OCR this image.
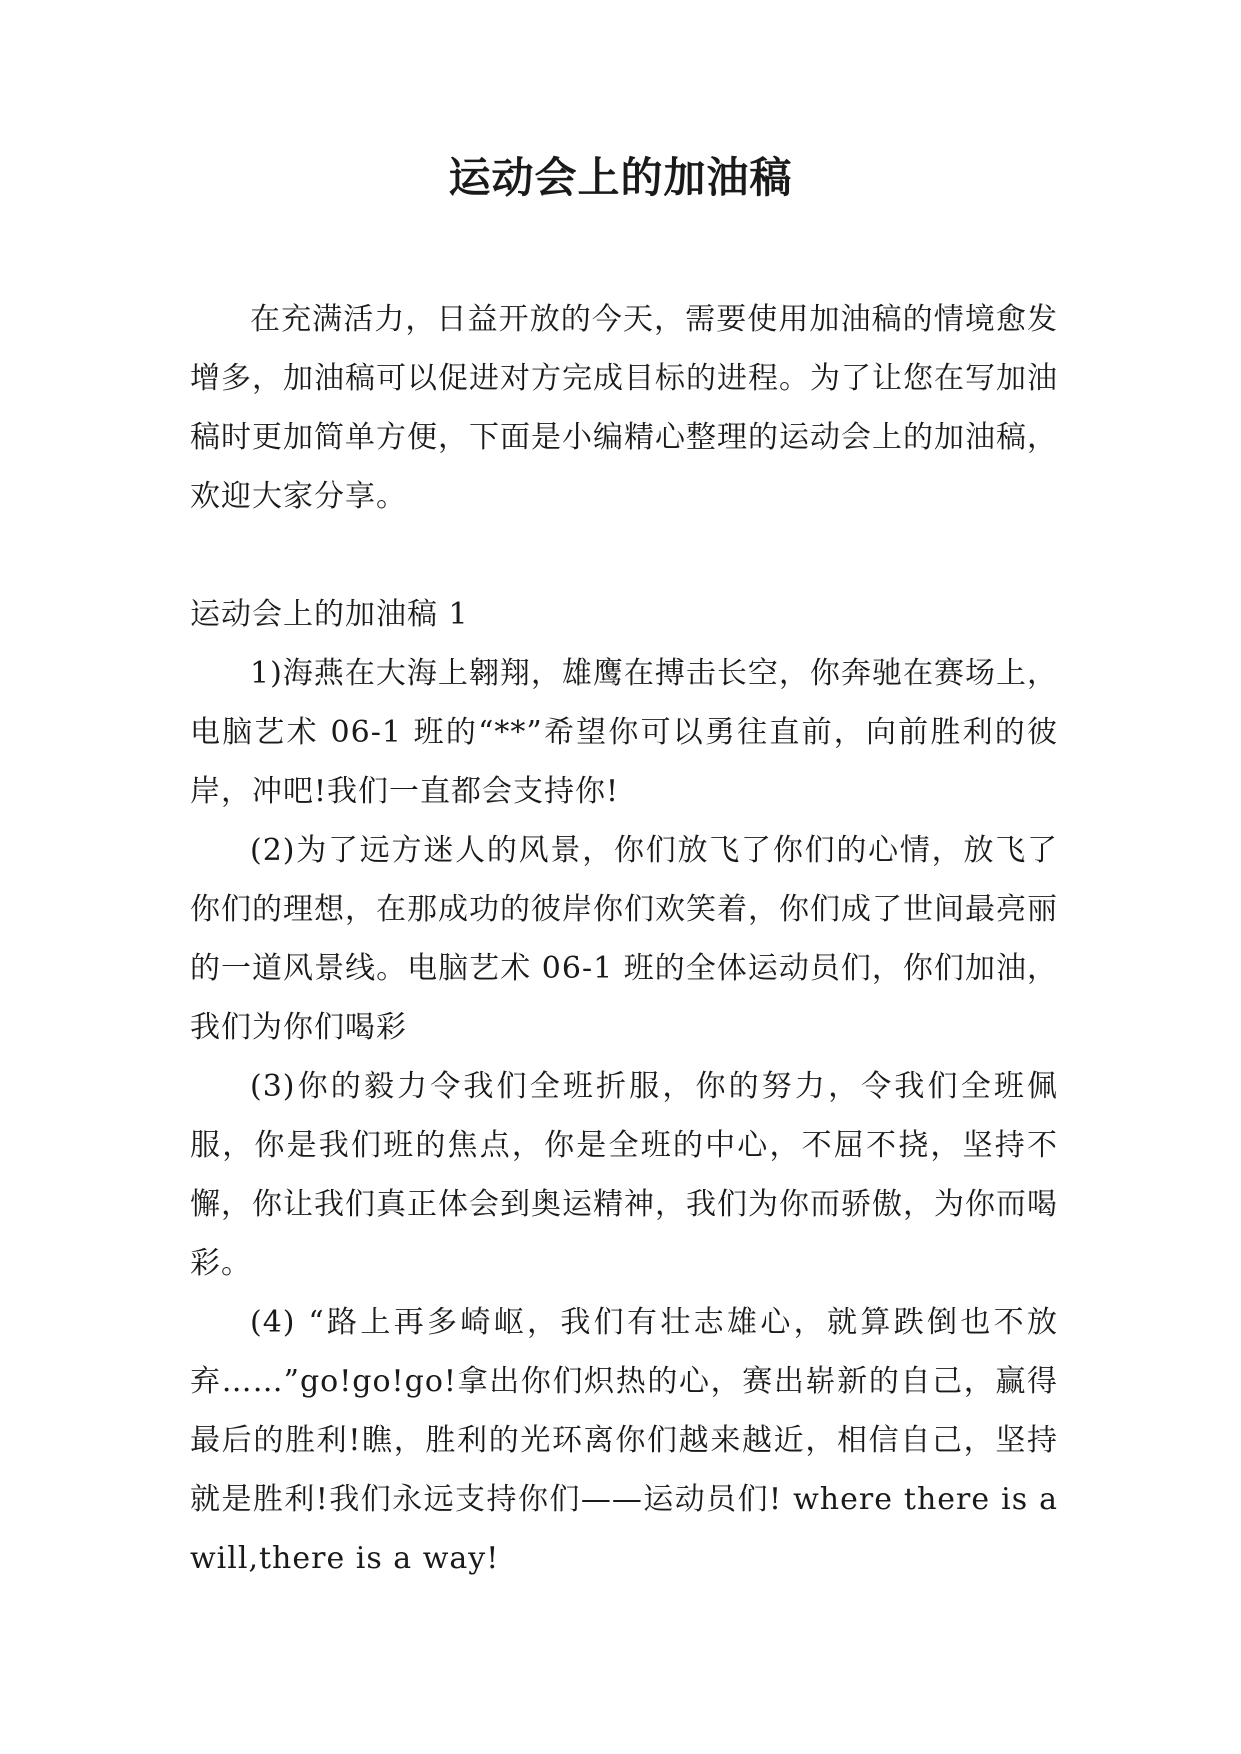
运动会上的加油稿

在充满活力，日益开放的今天，需要使用加油稿的情境愈发增多，加油稿可以促进对方完成目标的进程。为了让您在写加油稿时更加简单方便，下面是小编精心整理的运动会上的加油稿，欢迎大家分享。

运动会上的加油稿 1

1)海燕在大海上翱翔，雄鹰在搏击长空，你奔驰在赛场上，电脑艺术 06-1 班的“**”希望你可以勇往直前，向前胜利的彼岸，冲吧!我们一直都会支持你!

(2)为了远方迷人的风景，你们放飞了你们的心情，放飞了你们的理想，在那成功的彼岸你们欢笑着，你们成了世间最亮丽的一道风景线。电脑艺术 06-1 班的全体运动员们，你们加油，我们为你们喝彩

(3)你的毅力令我们全班折服，你的努力，令我们全班佩服，你是我们班的焦点，你是全班的中心，不屈不挠，坚持不懈，你让我们真正体会到奥运精神，我们为你而骄傲，为你而喝彩。

(4) “路上再多崎岖，我们有壮志雄心，就算跌倒也不放弃……”go!go!go!拿出你们炽热的心，赛出崭新的自己，赢得最后的胜利!瞧，胜利的光环离你们越来越近，相信自己，坚持就是胜利!我们永远支持你们——运动员们! where there is a will,there is a way!
